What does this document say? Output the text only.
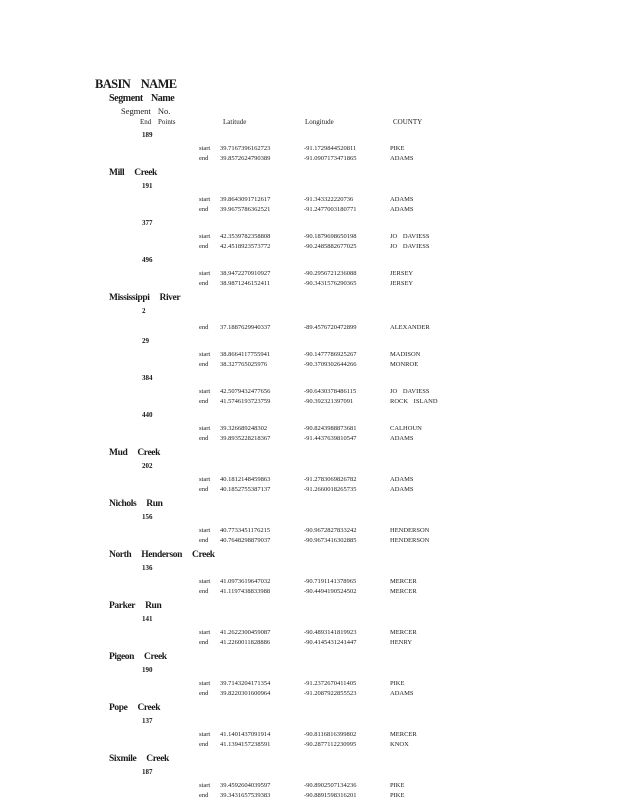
BASIN NAME
Segment Name
Segment No.
End Points	Latitude	Longitude	COUNTY
189
start 39.7167396162723	-91.1729844520811	PIKE
end 39.8572624790389	-91.0907173471865	ADAMS
Mill Creek
191
start 39.8643091712617	-91.343322220736	ADAMS
end 39.9675786362521	-91.2477003180771	ADAMS
377
start 42.3539782358808	-90.1879698650198	JO DAVIESS
end 42.4518923573772	-90.2485882677025	JO DAVIESS
496
start 38.9472270910927	-90.2956721236088	JERSEY
end 38.9871246152411	-90.3431576290365	JERSEY
Mississippi River
2
end 37.1887629940337	-89.4576720472899	ALEXANDER
29
start 38.8664117755941	-90.1477786925267	MADISON
end 38.327765025976	-90.3709302644266	MONROE
384
start 42.5079432477656	-90.6430378486115	JO DAVIESS
end 41.5746193723759	-90.392321397091	ROCK ISLAND
440
start 39.326689248302	-90.8243988873681	CALHOUN
end 39.8935228218367	-91.4437639810547	ADAMS
Mud Creek
202
start 40.1812148459863	-91.2783069826782	ADAMS
end 40.1852755387137	-91.2660018265735	ADAMS
Nichols Run
156
start 40.7733451176215	-90.9672827833242	HENDERSON
end 40.7648298879037	-90.9673416302885	HENDERSON
North Henderson Creek
136
start 41.0973619647032	-90.7191141378965	MERCER
end 41.1197438833988	-90.4494190524502	MERCER
Parker Run
141
start 41.2622300459087	-90.4893141819923	MERCER
end 41.2260011828886	-90.4145431241447	HENRY
Pigeon Creek
190
start 39.7143204171354	-91.2372670411405	PIKE
end 39.8220301600964	-91.2087922855523	ADAMS
Pope Creek
137
start 41.1401437091914	-90.8116816399802	MERCER
end 41.1394157238591	-90.2877112230995	KNOX
Sixmile Creek
187
start 39.4592604039597	-90.8902507134236	PIKE
end 39.3431657539383	-90.8891598316201	PIKE
